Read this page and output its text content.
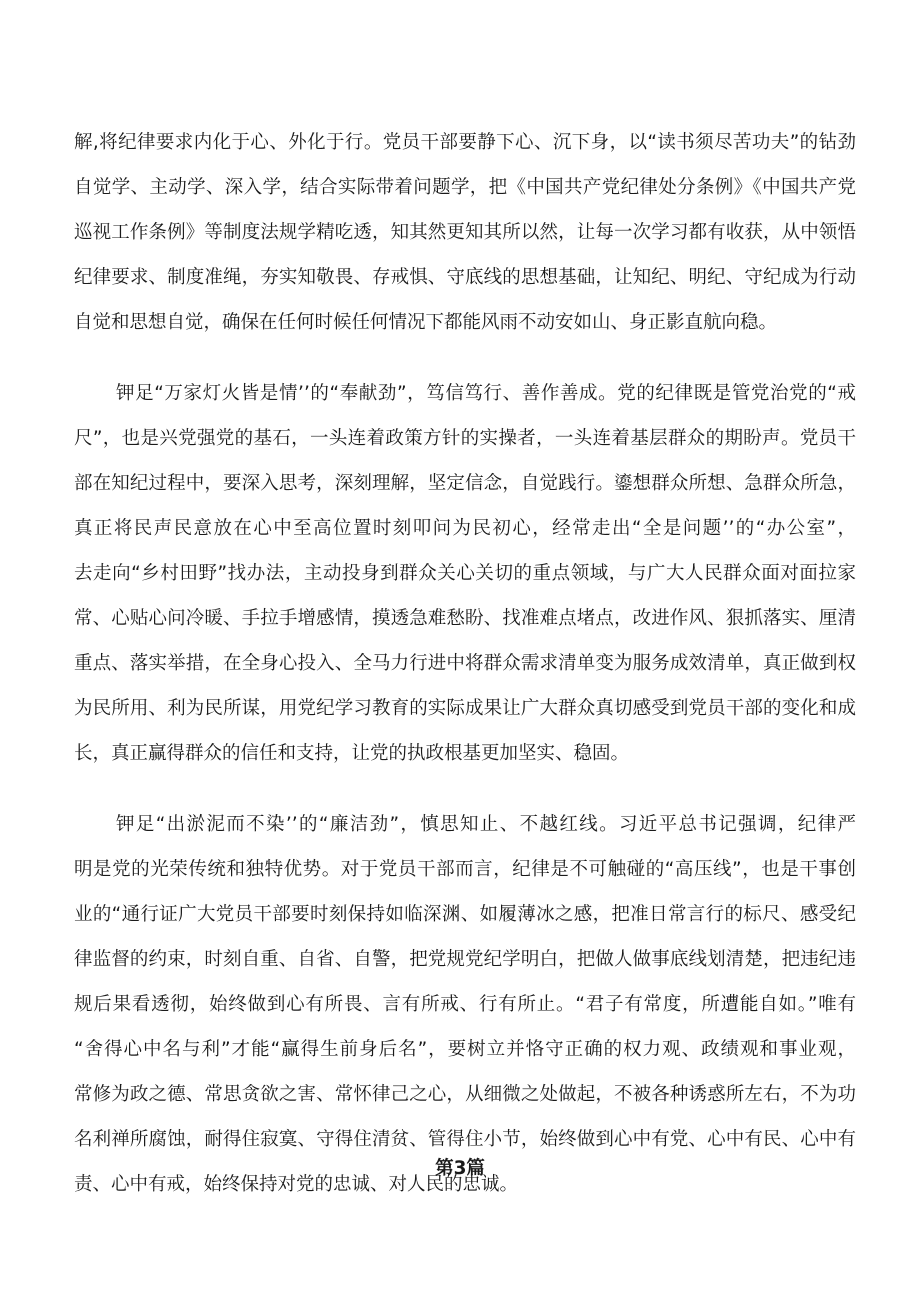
解,将纪律要求内化于心、外化于行。党员干部要静下心、沉下身，以“读书须尽苦功夫”的钻劲
自觉学、主动学、深入学，结合实际带着问题学，把《中国共产党纪律处分条例》《中国共产党
巡视工作条例》等制度法规学精吃透，知其然更知其所以然，让每一次学习都有收获，从中领悟
纪律要求、制度准绳，夯实知敬畏、存戒惧、守底线的思想基础，让知纪、明纪、守纪成为行动
自觉和思想自觉，确保在任何时候任何情况下都能风雨不动安如山、身正影直航向稳。
钾足“万家灯火皆是情’’的“奉献劲”，笃信笃行、善作善成。党的纪律既是管党治党的“戒
尺”，也是兴党强党的基石，一头连着政策方针的实操者，一头连着基层群众的期盼声。党员干
部在知纪过程中，要深入思考，深刻理解，坚定信念，自觉践行。鎏想群众所想、急群众所急，
真正将民声民意放在心中至高位置时刻叩问为民初心，经常走出“全是问题’’的“办公室”，
去走向“乡村田野”找办法，主动投身到群众关心关切的重点领域，与广大人民群众面对面拉家
常、心贴心问冷暖、手拉手增感情，摸透急难愁盼、找准难点堵点，改进作风、狠抓落实、厘清
重点、落实举措，在全身心投入、全马力行进中将群众需求清单变为服务成效清单，真正做到权
为民所用、利为民所谋，用党纪学习教育的实际成果让广大群众真切感受到党员干部的变化和成
长，真正赢得群众的信任和支持，让党的执政根基更加坚实、稳固。
钾足“出淤泥而不染’’的“廉洁劲”，慎思知止、不越红线。习近平总书记强调，纪律严
明是党的光荣传统和独特优势。对于党员干部而言，纪律是不可触碰的“高压线”，也是干事创
业的“通行证广大党员干部要时刻保持如临深渊、如履薄冰之感，把准日常言行的标尺、感受纪
律监督的约束，时刻自重、自省、自警，把党规党纪学明白，把做人做事底线划清楚，把违纪违
规后果看透彻，始终做到心有所畏、言有所戒、行有所止。“君子有常度，所遭能自如。”唯有
“舍得心中名与利”才能“赢得生前身后名”，要树立并恪守正确的权力观、政绩观和事业观，
常修为政之德、常思贪欲之害、常怀律己之心，从细微之处做起，不被各种诱惑所左右，不为功
名利禅所腐蚀，耐得住寂寞、守得住清贫、管得住小节，始终做到心中有党、心中有民、心中有
责、心中有戒，始终保持对党的忠诚、对人民的忠诚。
第3篇
